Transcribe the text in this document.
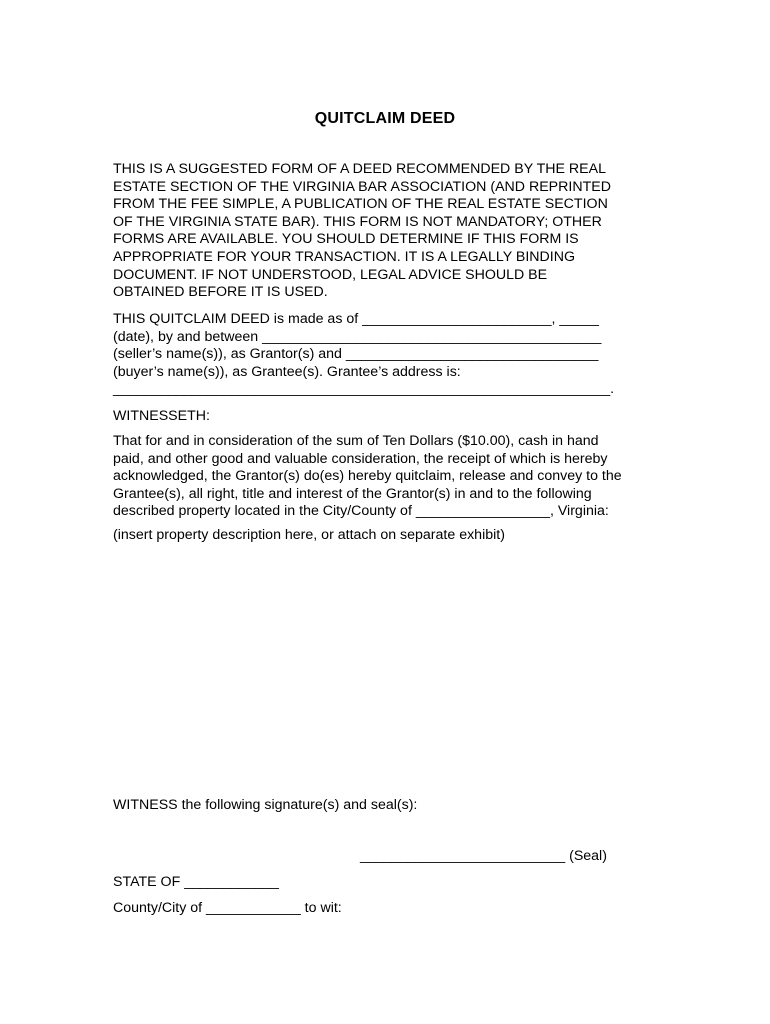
QUITCLAIM DEED
THIS IS A SUGGESTED FORM OF A DEED RECOMMENDED BY THE REAL
ESTATE SECTION OF THE VIRGINIA BAR ASSOCIATION (AND REPRINTED
FROM THE FEE SIMPLE, A PUBLICATION OF THE REAL ESTATE SECTION
OF THE VIRGINIA STATE BAR). THIS FORM IS NOT MANDATORY; OTHER
FORMS ARE AVAILABLE. YOU SHOULD DETERMINE IF THIS FORM IS
APPROPRIATE FOR YOUR TRANSACTION. IT IS A LEGALLY BINDING
DOCUMENT. IF NOT UNDERSTOOD, LEGAL ADVICE SHOULD BE
OBTAINED BEFORE IT IS USED.
THIS QUITCLAIM DEED is made as of ________________________, _____
(date), by and between ___________________________________________
(seller’s name(s)), as Grantor(s) and ________________________________
(buyer’s name(s)), as Grantee(s). Grantee’s address is:
_______________________________________________________________.
WITNESSETH:
That for and in consideration of the sum of Ten Dollars ($10.00), cash in hand
paid, and other good and valuable consideration, the receipt of which is hereby
acknowledged, the Grantor(s) do(es) hereby quitclaim, release and convey to the
Grantee(s), all right, title and interest of the Grantor(s) in and to the following
described property located in the City/County of _________________, Virginia:
(insert property description here, or attach on separate exhibit)
WITNESS the following signature(s) and seal(s):
__________________________ (Seal)
STATE OF ____________
County/City of ____________ to wit:
